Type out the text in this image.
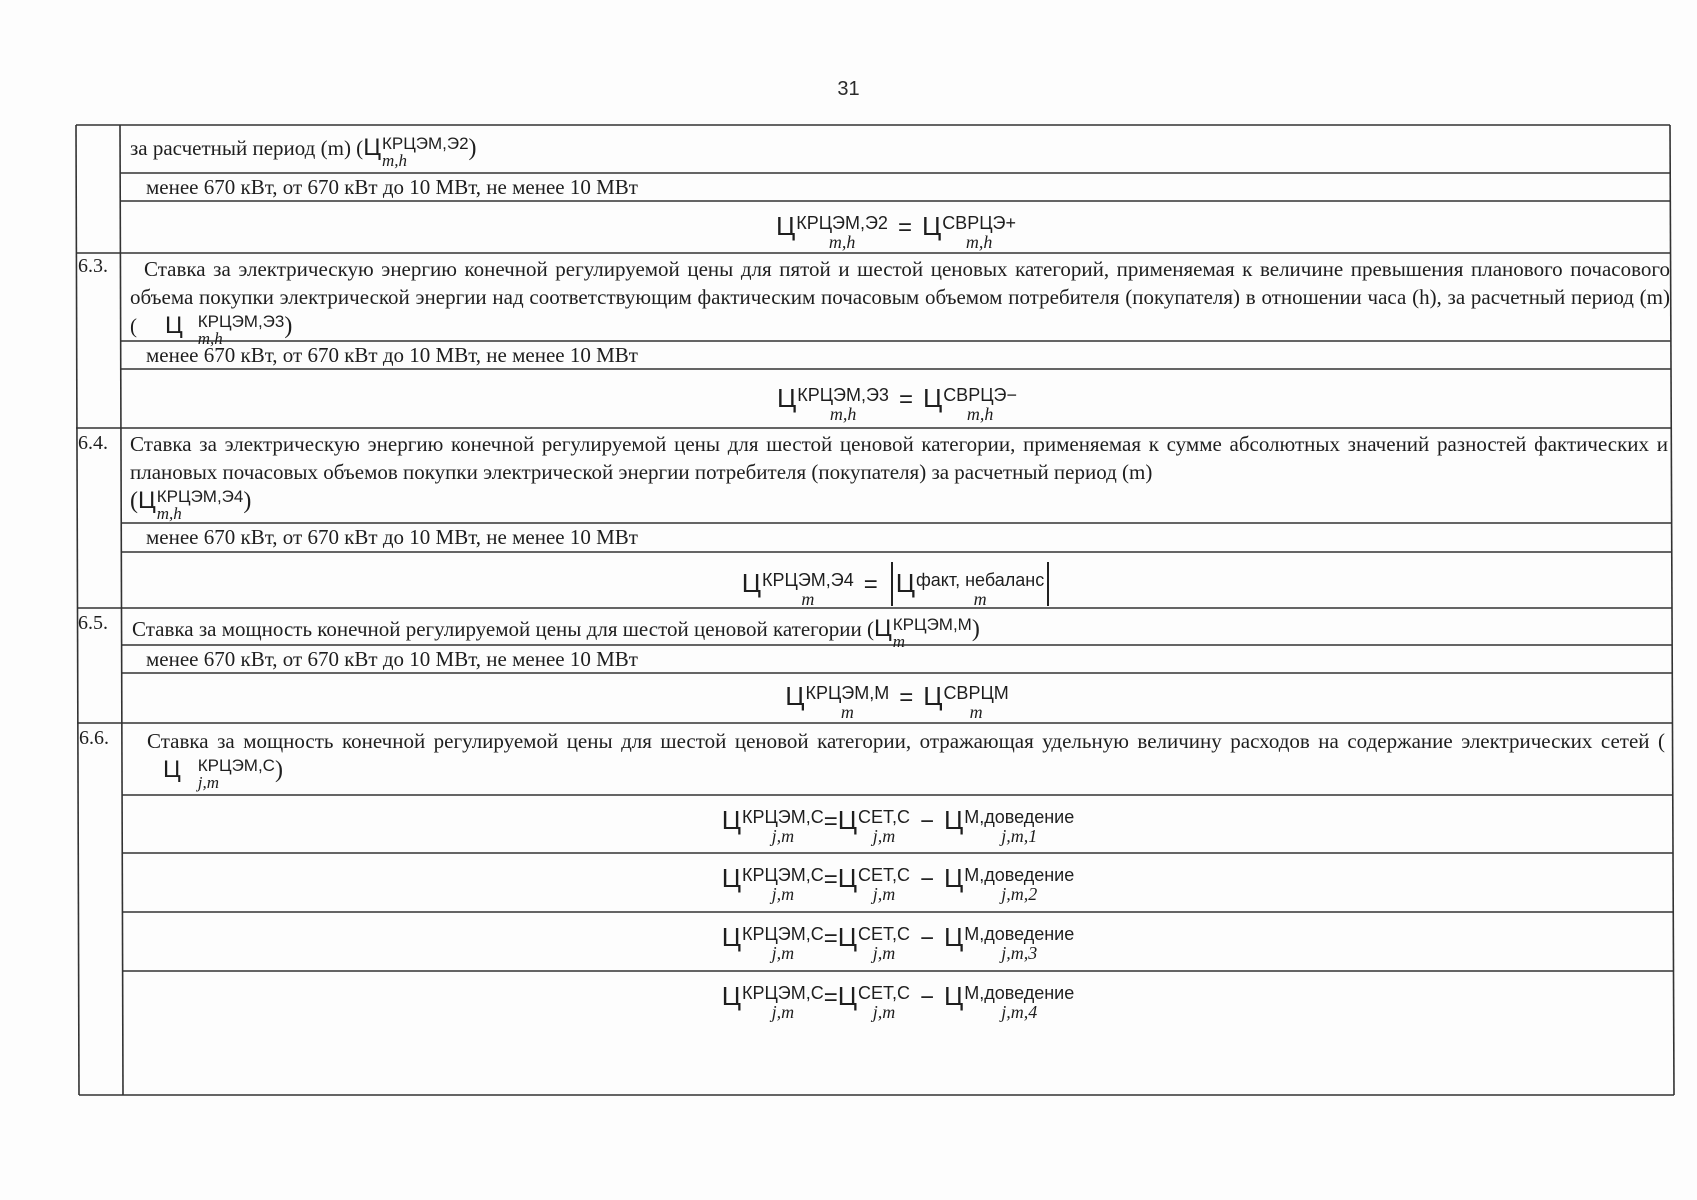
31
за расчетный период (m) ( Ц КРЦЭМ,Э2
m,h	)
менее 670 кВт, от 670 кВт до 10 МВт, не менее 10 МВт
Ц КРЦЭМ,Э2
m,h
= Ц СВРЦЭ+
m,h
6.3.	Ставка за электрическую энергию конечной регулируемой цены для пятой и шестой ценовых категорий, применяемая к величине превышения планового почасового объема покупки электрической энергии над соответствующим фактическим почасовым объемом потребителя (покупателя) в отношении часа (h), за расчетный период (m) (	Ц КРЦЭМ,Э3
m,h	)
менее 670 кВт, от 670 кВт до 10 МВт, не менее 10 МВт
Ц КРЦЭМ,Э3
m,h
= Ц СВРЦЭ−
m,h
6.4. Ставка за электрическую энергию конечной регулируемой цены для шестой ценовой категории, применяемая к сумме абсолютных значений разностей фактических и плановых почасовых объемов покупки электрической энергии потребителя (покупателя) за расчетный период (m)
( Ц КРЦЭМ,Э4
m,h	)
менее 670 кВт, от 670 кВт до 10 МВт, не менее 10 МВт
Ц КРЦЭМ,Э4
m
= Ц факт, небаланс
m
6.5. Ставка за мощность конечной регулируемой цены для шестой ценовой категории ( Ц КРЦЭМ,М
m	)
менее 670 кВт, от 670 кВт до 10 МВт, не менее 10 МВт
Ц КРЦЭМ,М
m
= Ц СВРЦМ
m
6.6.	Ставка за мощность конечной регулируемой цены для шестой ценовой категории, отражающая удельную величину расходов на содержание электрических сетей (
Ц	КРЦЭМ,С
j,m	)
Ц КРЦЭМ,С
j,m
= Ц СЕТ,С
j,m
− Ц М,доведение
j,m,1
Ц КРЦЭМ,С
j,m
= Ц СЕТ,С
j,m
− Ц М,доведение
j,m,2
Ц КРЦЭМ,С
j,m
= Ц СЕТ,С
j,m
− Ц М,доведение
j,m,3
Ц КРЦЭМ,С
j,m
= Ц СЕТ,С
j,m
− Ц М,доведение
j,m,4
